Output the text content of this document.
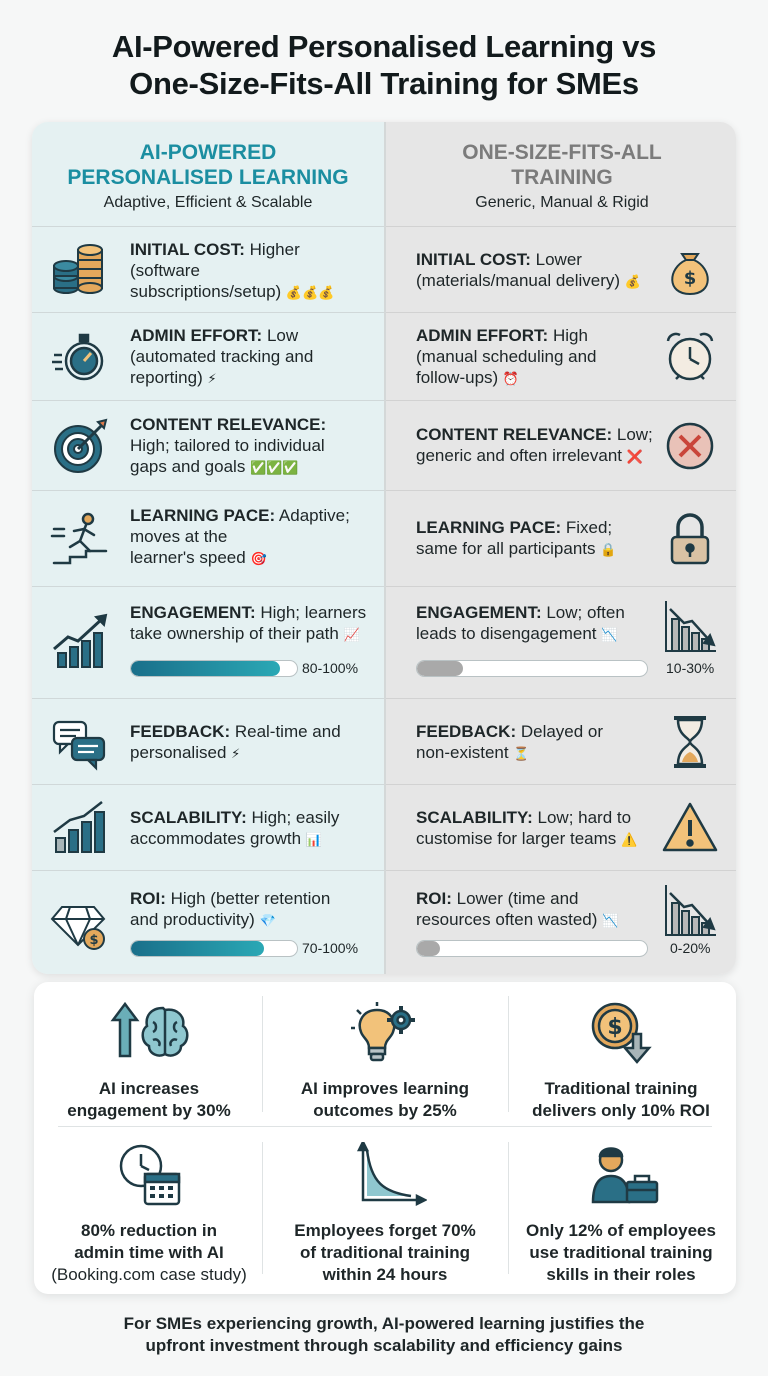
AI-Powered Personalised Learning vs
One-Size-Fits-All Training for SMEs
AI-POWERED
PERSONALISED LEARNING
Adaptive, Efficient & Scalable
INITIAL COST: Higher
(software
subscriptions/setup) 💰💰💰
ADMIN EFFORT: Low
(automated tracking and
reporting) ⚡
CONTENT RELEVANCE:
High; tailored to individual
gaps and goals ✅✅✅
LEARNING PACE: Adaptive;
moves at the
learner's speed 🎯
ENGAGEMENT: High; learners
take ownership of their path 📈
80-100%
FEEDBACK: Real-time and
personalised ⚡
SCALABILITY: High; easily
accommodates growth 📊
$
ROI: High (better retention
and productivity) 💎
70-100%
ONE-SIZE-FITS-ALL
TRAINING
Generic, Manual & Rigid
$
INITIAL COST: Lower
(materials/manual delivery) 💰
ADMIN EFFORT: High
(manual scheduling and
follow-ups) ⏰
CONTENT RELEVANCE: Low;
generic and often irrelevant ❌
LEARNING PACE: Fixed;
same for all participants 🔒
ENGAGEMENT: Low; often
leads to disengagement 📉
10-30%
FEEDBACK: Delayed or
non-existent ⏳
SCALABILITY: Low; hard to
customise for larger teams ⚠️
ROI: Lower (time and
resources often wasted) 📉
0-20%
AI increases
engagement by 30%
AI improves learning
outcomes by 25%
$
Traditional training
delivers only 10% ROI
80% reduction in
admin time with AI
(Booking.com case study)
Employees forget 70%
of traditional training
within 24 hours
Only 12% of employees
use traditional training
skills in their roles
For SMEs experiencing growth, AI-powered learning justifies the
upfront investment through scalability and efficiency gains
